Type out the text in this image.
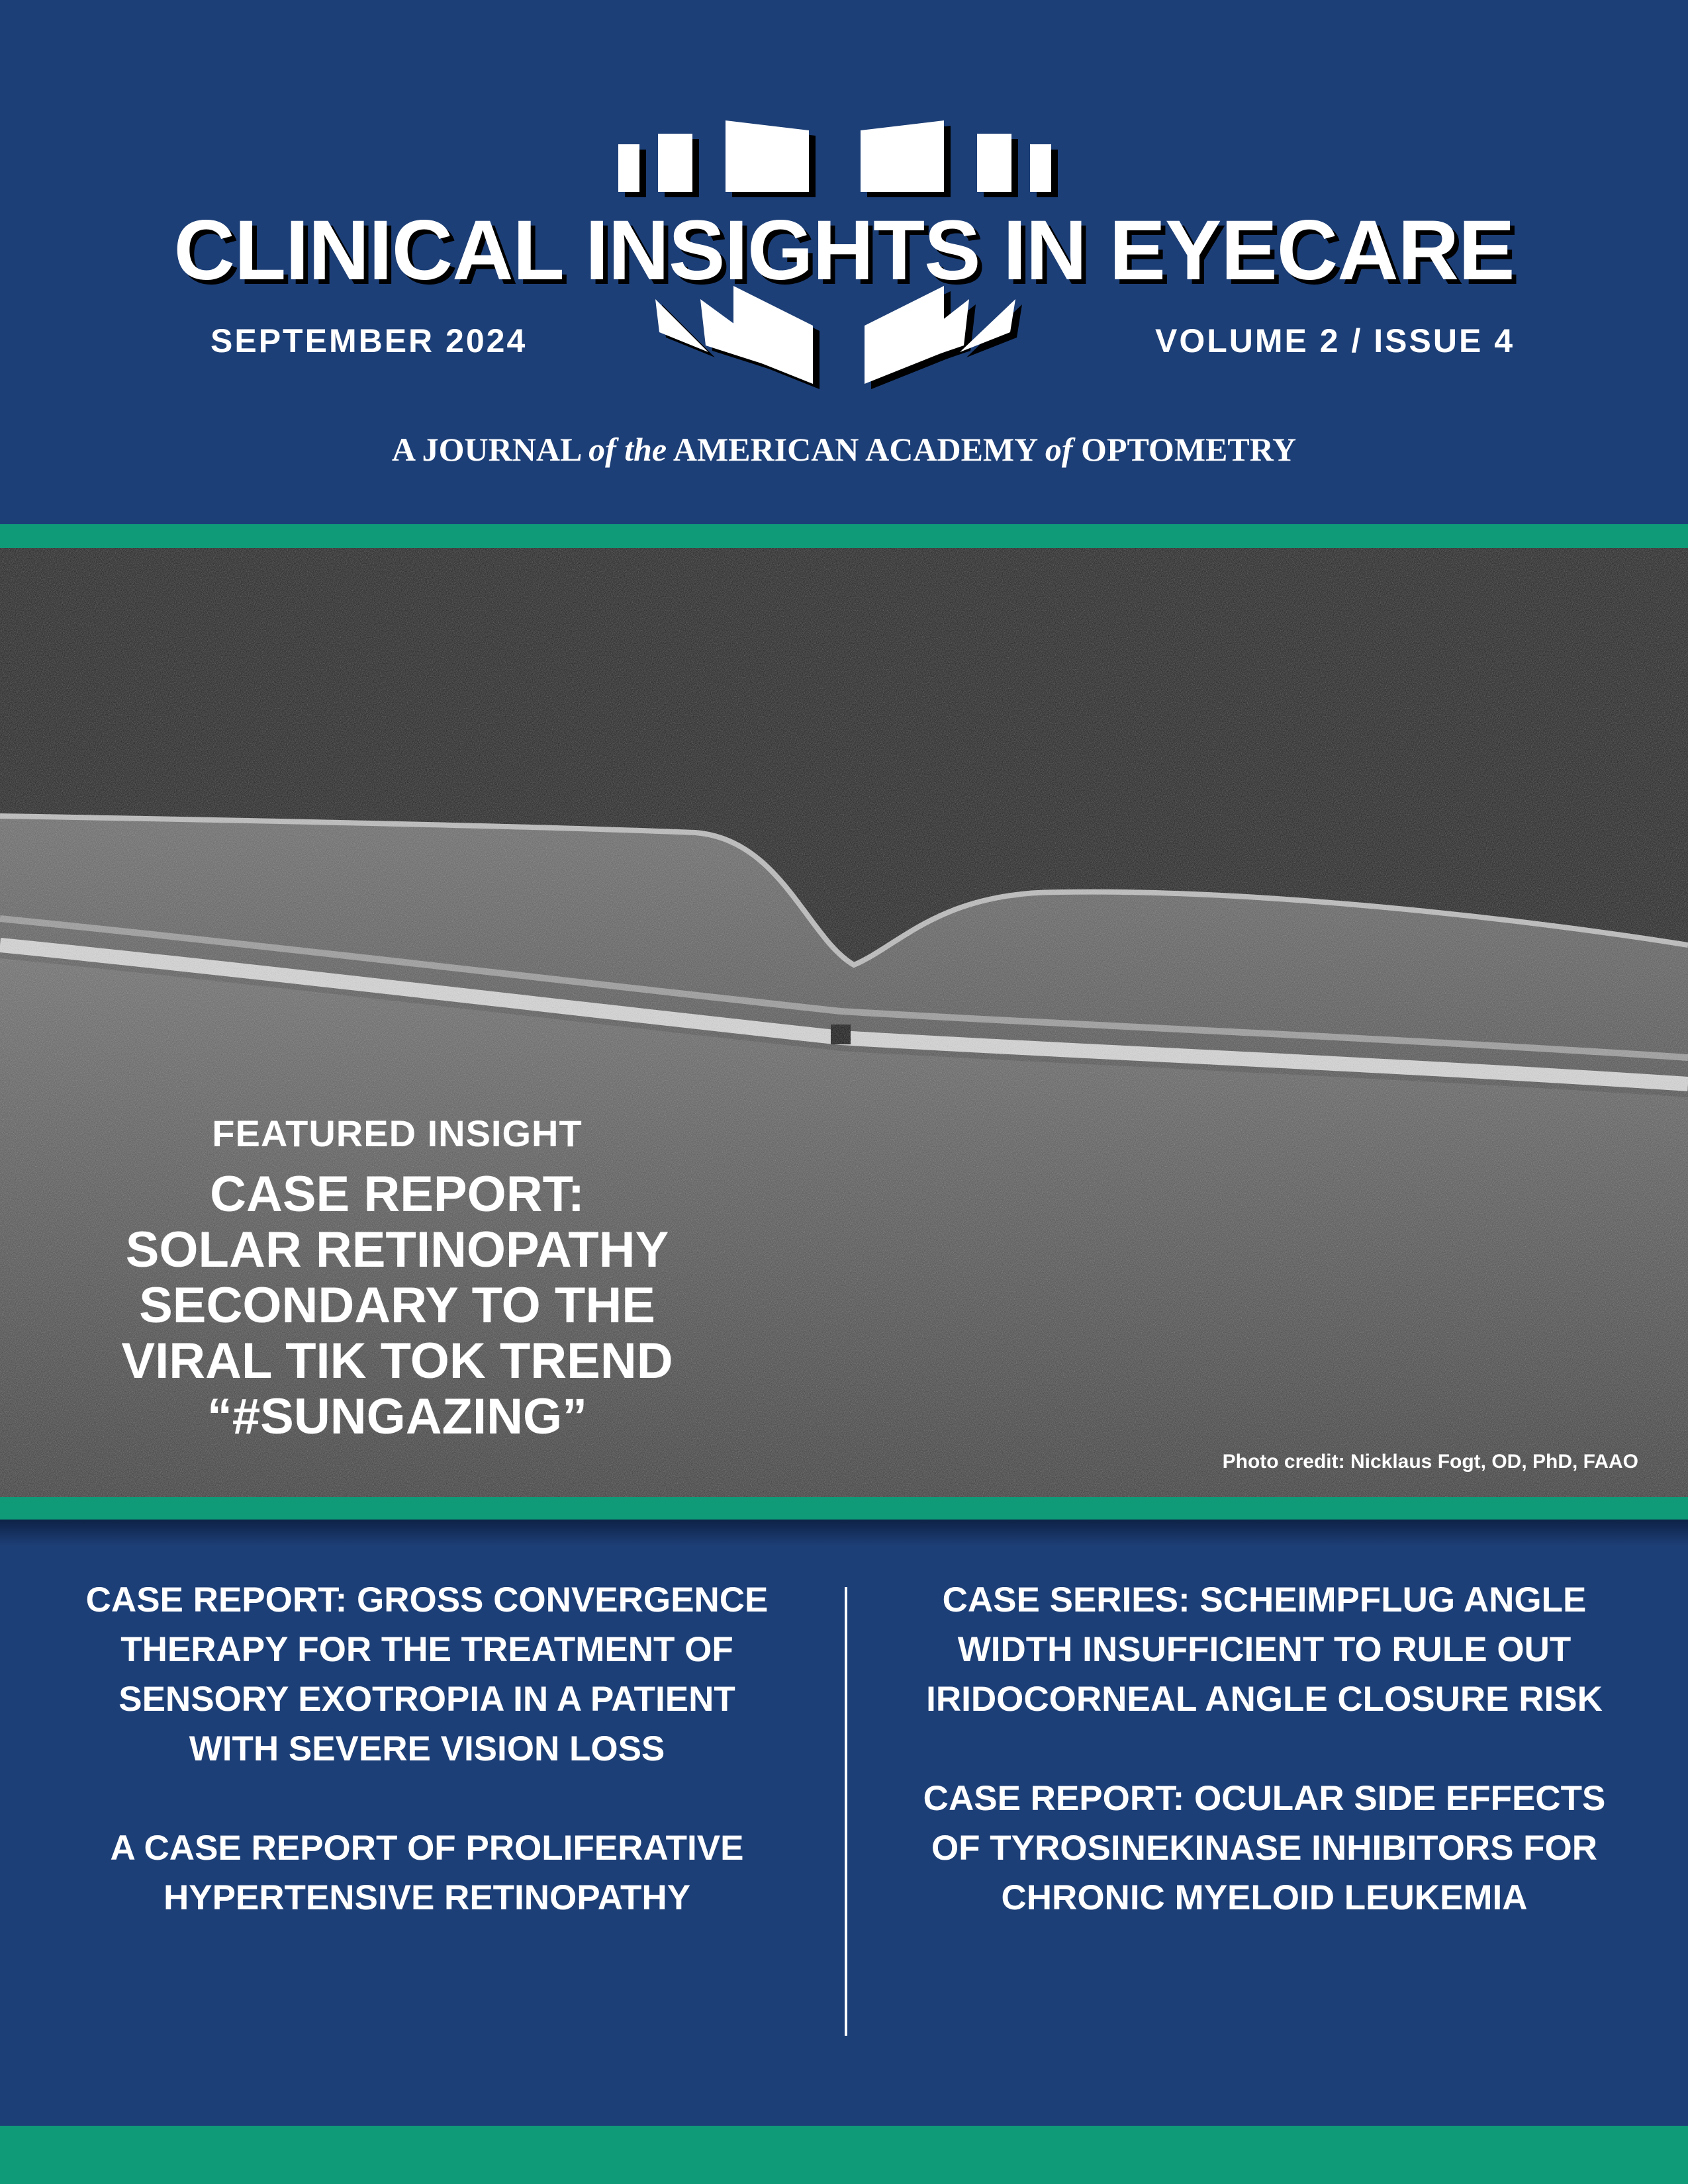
CLINICAL INSIGHTS IN EYECARE
SEPTEMBER 2024	VOLUME 2 / ISSUE 4
A JOURNAL of the AMERICAN ACADEMY of OPTOMETRY
FEATURED INSIGHT
CASE REPORT:
SOLAR RETINOPATHY
SECONDARY TO THE
VIRAL TIK TOK TREND
“#SUNGAZING”
Photo credit: Nicklaus Fogt, OD, PhD, FAAO
CASE REPORT: GROSS CONVERGENCE
THERAPY FOR THE TREATMENT OF
SENSORY EXOTROPIA IN A PATIENT
WITH SEVERE VISION LOSS
A CASE REPORT OF PROLIFERATIVE
HYPERTENSIVE RETINOPATHY
CASE SERIES: SCHEIMPFLUG ANGLE
WIDTH INSUFFICIENT TO RULE OUT
IRIDOCORNEAL ANGLE CLOSURE RISK
CASE REPORT: OCULAR SIDE EFFECTS
OF TYROSINEKINASE INHIBITORS FOR
CHRONIC MYELOID LEUKEMIA
